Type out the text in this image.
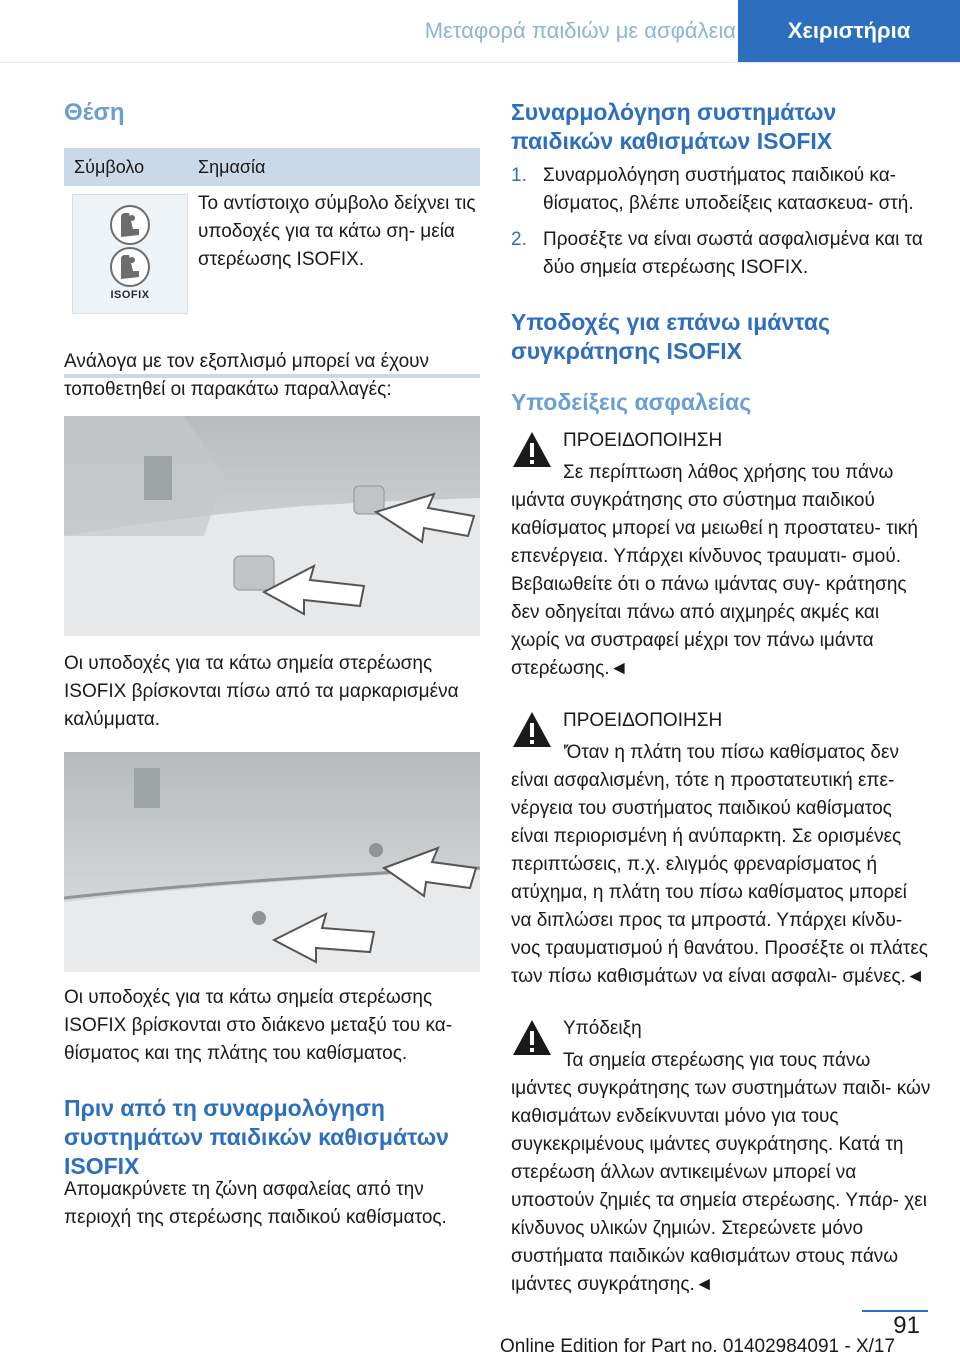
Μεταφορά παιδιών με ασφάλεια	Χειριστήρια
Θέση
Σύμβολο	Σημασία
ISOFIX

Το αντίστοιχο σύμβολο δείχνει τις υποδοχές για τα κάτω ση- μεία στερέωσης ISOFIX.

Ανάλογα με τον εξοπλισμό μπορεί να έχουν τοποθετηθεί οι παρακάτω παραλλαγές:

Οι υποδοχές για τα κάτω σημεία στερέωσης ISOFIX βρίσκονται πίσω από τα μαρκαρισμένα καλύμματα.

Οι υποδοχές για τα κάτω σημεία στερέωσης ISOFIX βρίσκονται στο διάκενο μεταξύ του κα- θίσματος και της πλάτης του καθίσματος.

Πριν από τη συναρμολόγηση συστημάτων παιδικών καθισμάτων ISOFIX

Απομακρύνετε τη ζώνη ασφαλείας από την περιοχή της στερέωσης παιδικού καθίσματος.

Συναρμολόγηση συστημάτων παιδικών καθισμάτων ISOFIX
1. Συναρμολόγηση συστήματος παιδικού κα- θίσματος, βλέπε υποδείξεις κατασκευα- στή.

2. Προσέξτε να είναι σωστά ασφαλισμένα και τα δύο σημεία στερέωσης ISOFIX.

Υποδοχές για επάνω ιμάντας συγκράτησης ISOFIX
Υποδείξεις ασφαλείας
ΠΡΟΕΙΔΟΠΟΙΗΣΗ

Σε περίπτωση λάθος χρήσης του πάνω ιμάντα συγκράτησης στο σύστημα παιδικού καθίσματος μπορεί να μειωθεί η προστατευ- τική επενέργεια. Υπάρχει κίνδυνος τραυματι- σμού. Βεβαιωθείτε ότι ο πάνω ιμάντας συγ- κράτησης δεν οδηγείται πάνω από αιχμηρές ακμές και χωρίς να συστραφεί μέχρι τον πάνω ιμάντα στερέωσης.◄

ΠΡΟΕΙΔΟΠΟΙΗΣΗ

'Όταν η πλάτη του πίσω καθίσματος δεν είναι ασφαλισμένη, τότε η προστατευτική επε- νέργεια του συστήματος παιδικού καθίσματος είναι περιορισμένη ή ανύπαρκτη. Σε ορισμένες περιπτώσεις, π.χ. ελιγμός φρεναρίσματος ή ατύχημα, η πλάτη του πίσω καθίσματος μπορεί να διπλώσει προς τα μπροστά. Υπάρχει κίνδυ- νος τραυματισμού ή θανάτου. Προσέξτε οι πλάτες των πίσω καθισμάτων να είναι ασφαλι- σμένες.◄

Υπόδειξη

Τα σημεία στερέωσης για τους πάνω ιμάντες συγκράτησης των συστημάτων παιδι- κών καθισμάτων ενδείκνυνται μόνο για τους συγκεκριμένους ιμάντες συγκράτησης. Κατά τη στερέωση άλλων αντικειμένων μπορεί να υποστούν ζημιές τα σημεία στερέωσης. Υπάρ- χει κίνδυνος υλικών ζημιών. Στερεώνετε μόνο συστήματα παιδικών καθισμάτων στους πάνω ιμάντες συγκράτησης.◄

91
Online Edition for Part no. 01402984091 - X/17
